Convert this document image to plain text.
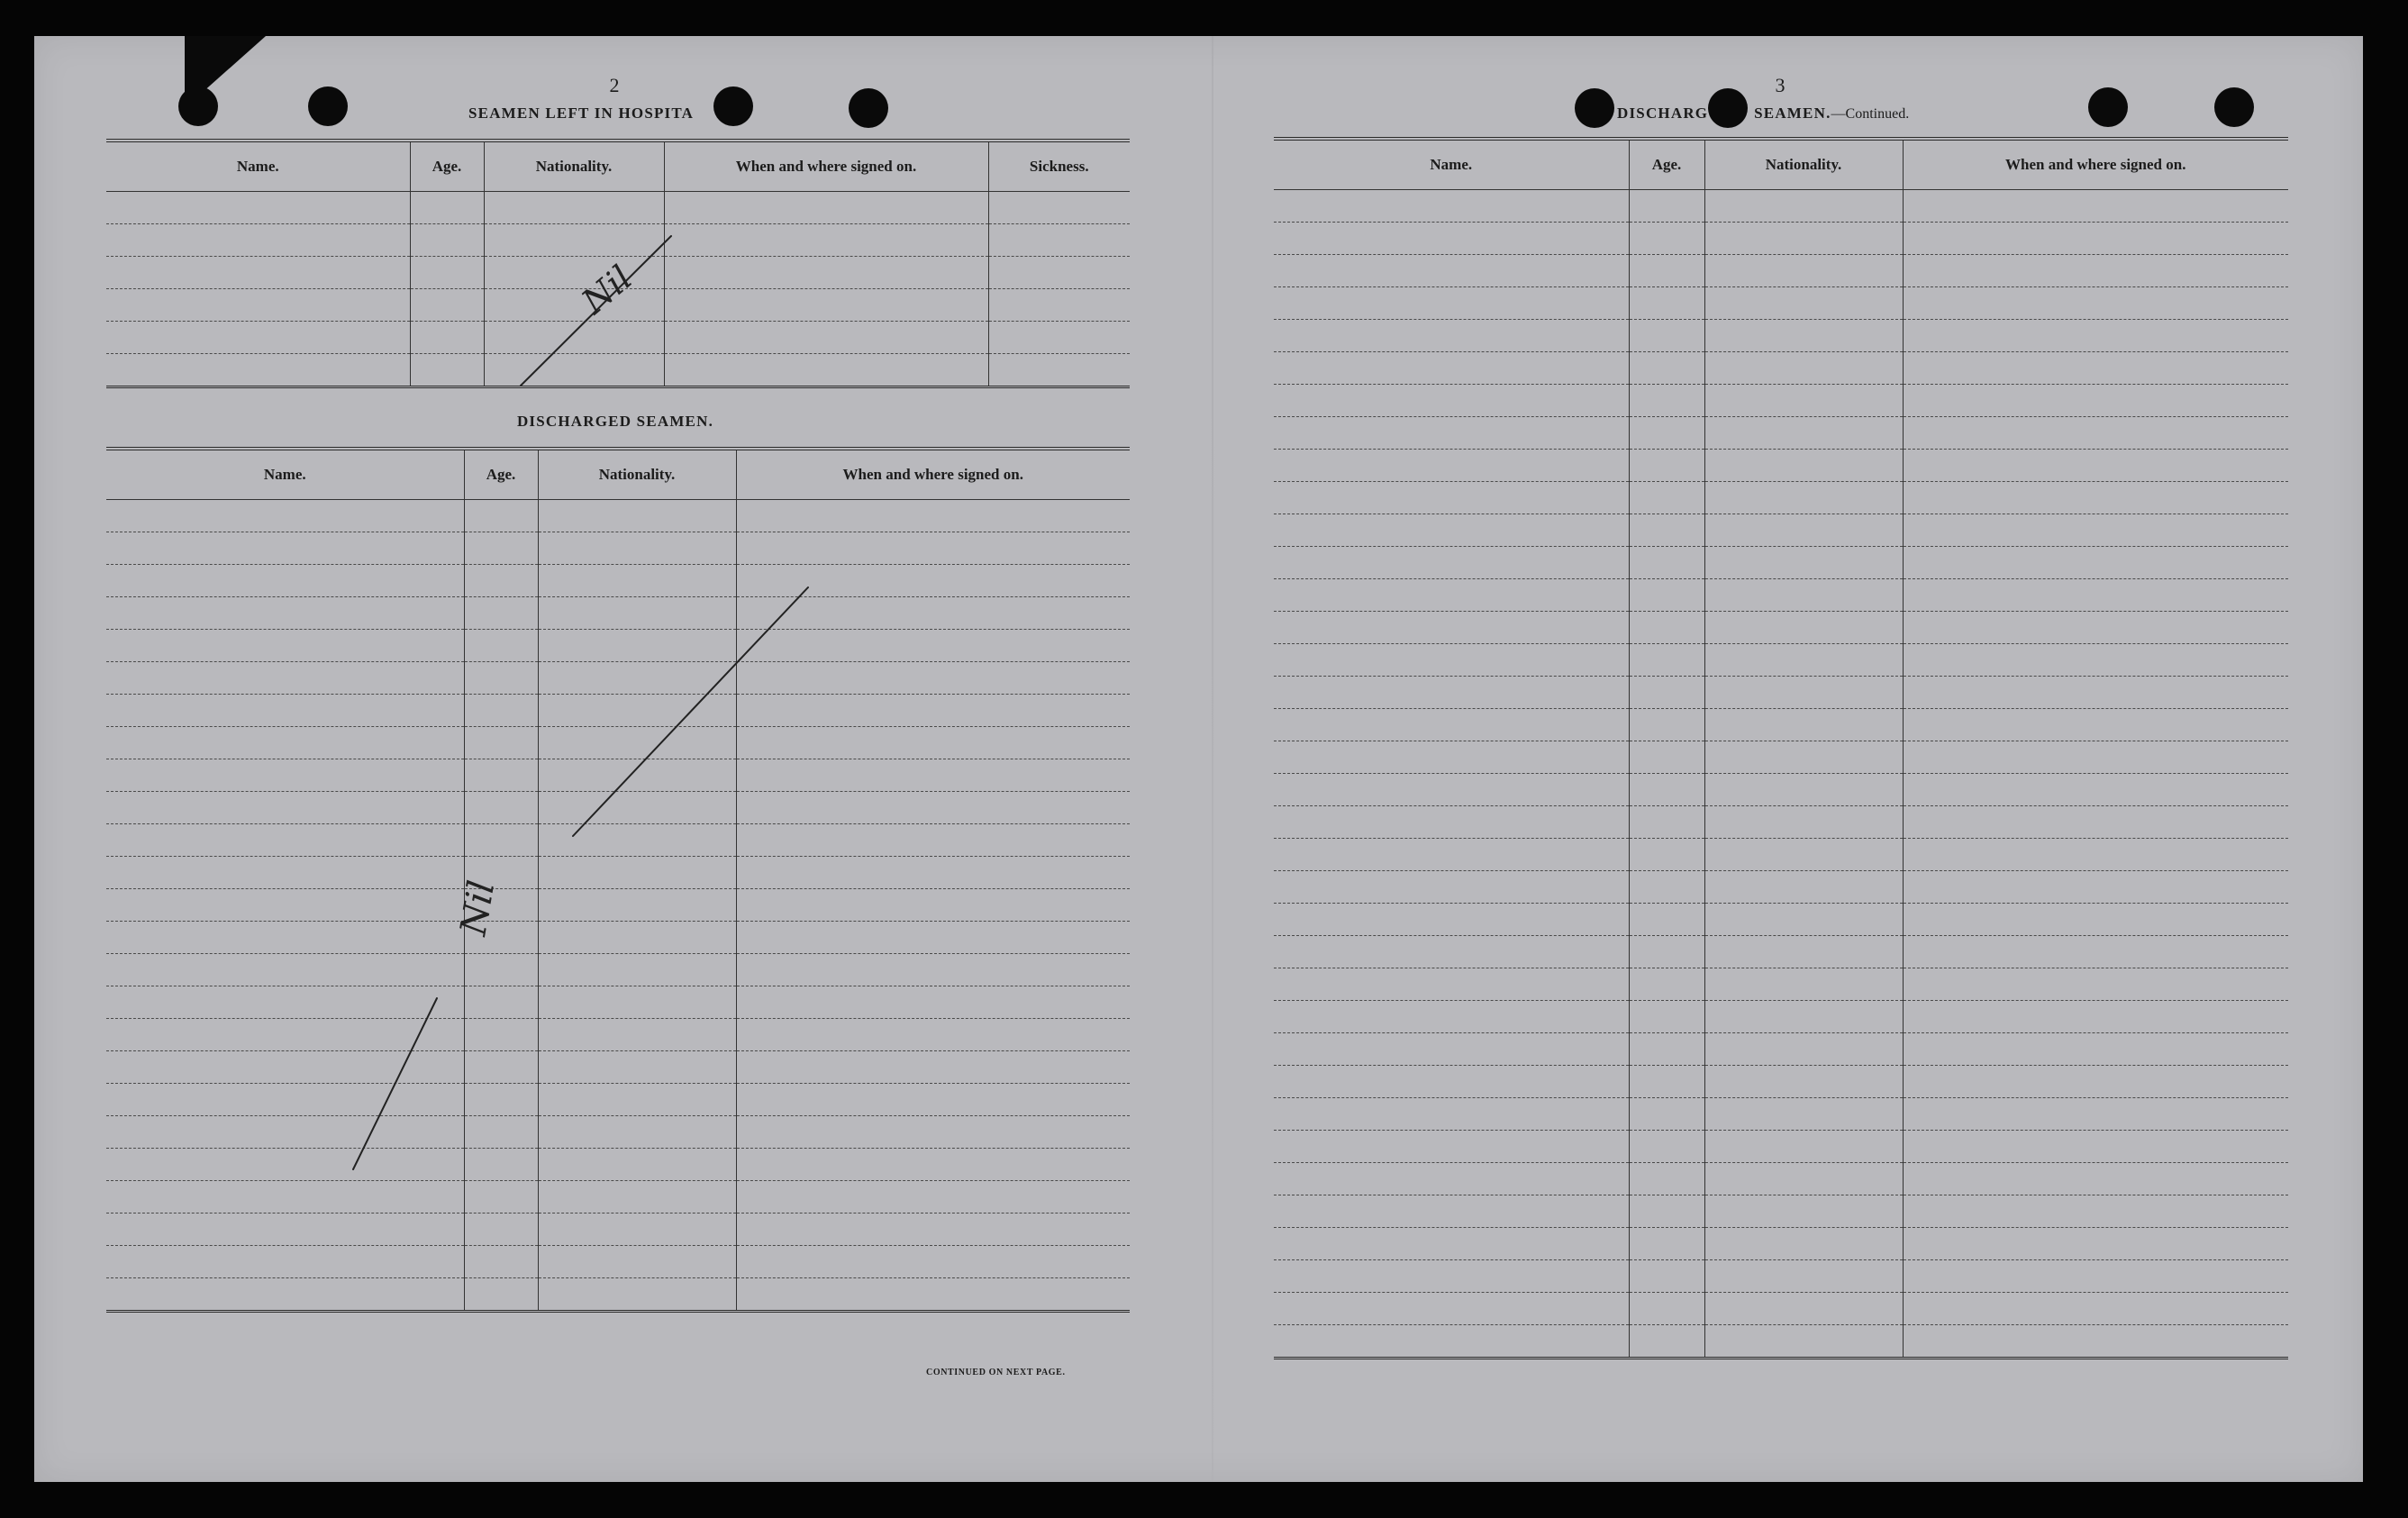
2
SEAMEN LEFT IN HOSPITA
Name.	Age.	Nationality.	When and where signed on.	Sickness.

DISCHARGED SEAMEN.
Name.	Age.	Nationality.	When and where signed on.

CONTINUED ON NEXT PAGE.
3
DISCHARG	SEAMEN.—Continued.
Name.	Age.	Nationality.	When and where signed on.

Nil
Nil
